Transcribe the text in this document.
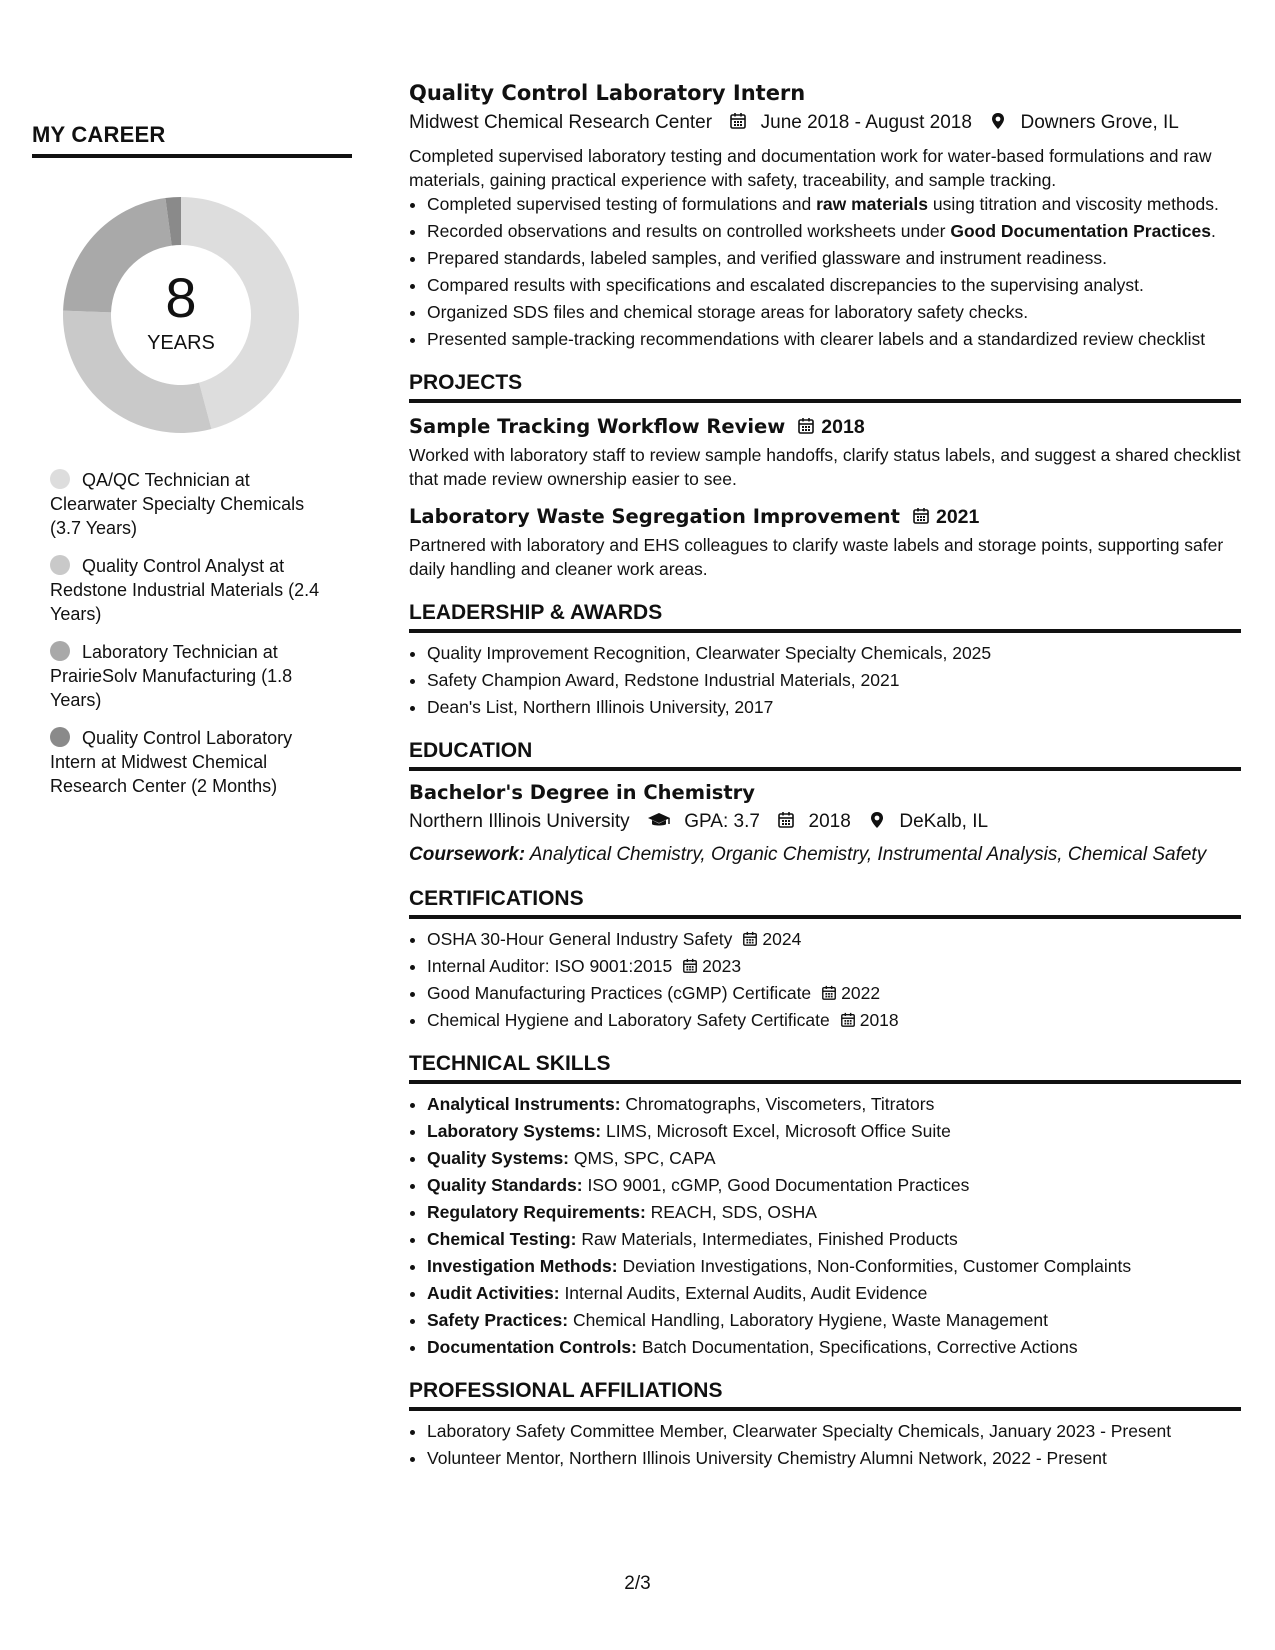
MY CAREER
8
YEARS
QA/QC Technician at Clearwater Specialty Chemicals (3.7 Years)
Quality Control Analyst at Redstone Industrial Materials (2.4 Years)
Laboratory Technician at PrairieSolv Manufacturing (1.8 Years)
Quality Control Laboratory Intern at Midwest Chemical Research Center (2 Months)
Quality Control Laboratory Intern
Midwest Chemical Research Center	June 2018 - August 2018	Downers Grove, IL

Completed supervised laboratory testing and documentation work for water-based formulations and raw materials, gaining practical experience with safety, traceability, and sample tracking.

• Completed supervised testing of formulations and raw materials using titration and viscosity methods.
• Recorded observations and results on controlled worksheets under Good Documentation Practices.
• Prepared standards, labeled samples, and verified glassware and instrument readiness.
• Compared results with specifications and escalated discrepancies to the supervising analyst.
• Organized SDS files and chemical storage areas for laboratory safety checks.
• Presented sample-tracking recommendations with clearer labels and a standardized review checklist
PROJECTS
Sample Tracking Workflow Review 2018

Worked with laboratory staff to review sample handoffs, clarify status labels, and suggest a shared checklist that made review ownership easier to see.

Laboratory Waste Segregation Improvement 2021

Partnered with laboratory and EHS colleagues to clarify waste labels and storage points, supporting safer daily handling and cleaner work areas.

LEADERSHIP & AWARDS
• Quality Improvement Recognition, Clearwater Specialty Chemicals, 2025
• Safety Champion Award, Redstone Industrial Materials, 2021
• Dean's List, Northern Illinois University, 2017
EDUCATION
Bachelor's Degree in Chemistry
Northern Illinois University	GPA: 3.7	2018	DeKalb, IL

Coursework: Analytical Chemistry, Organic Chemistry, Instrumental Analysis, Chemical Safety

CERTIFICATIONS
• OSHA 30-Hour General Industry Safety 2024
• Internal Auditor: ISO 9001:2015 2023
• Good Manufacturing Practices (cGMP) Certificate 2022
• Chemical Hygiene and Laboratory Safety Certificate 2018
TECHNICAL SKILLS
• Analytical Instruments: Chromatographs, Viscometers, Titrators
• Laboratory Systems: LIMS, Microsoft Excel, Microsoft Office Suite
• Quality Systems: QMS, SPC, CAPA
• Quality Standards: ISO 9001, cGMP, Good Documentation Practices
• Regulatory Requirements: REACH, SDS, OSHA
• Chemical Testing: Raw Materials, Intermediates, Finished Products
• Investigation Methods: Deviation Investigations, Non-Conformities, Customer Complaints
• Audit Activities: Internal Audits, External Audits, Audit Evidence
• Safety Practices: Chemical Handling, Laboratory Hygiene, Waste Management
• Documentation Controls: Batch Documentation, Specifications, Corrective Actions
PROFESSIONAL AFFILIATIONS
• Laboratory Safety Committee Member, Clearwater Specialty Chemicals, January 2023 - Present
• Volunteer Mentor, Northern Illinois University Chemistry Alumni Network, 2022 - Present
2/3
